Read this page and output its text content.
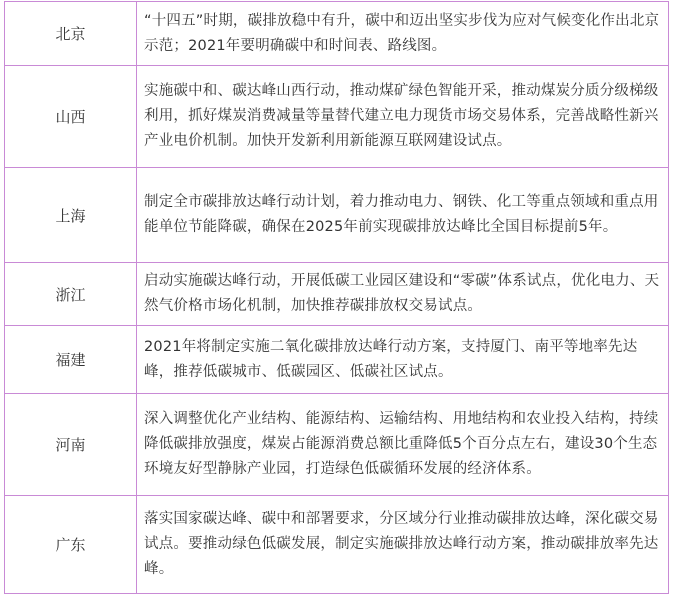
北京	“十四五”时期，碳排放稳中有升，碳中和迈出坚实步伐为应对气候变化作出北京示范；2021年要明确碳中和时间表、路线图。
山西	实施碳中和、碳达峰山西行动，推动煤矿绿色智能开采，推动煤炭分质分级梯级利用，抓好煤炭消费减量等量替代建立电力现货市场交易体系，完善战略性新兴产业电价机制。加快开发新利用新能源互联网建设试点。
上海	制定全市碳排放达峰行动计划，着力推动电力、钢铁、化工等重点领域和重点用能单位节能降碳，确保在2025年前实现碳排放达峰比全国目标提前5年。
浙江	启动实施碳达峰行动，开展低碳工业园区建设和“零碳”体系试点，优化电力、天然气价格市场化机制，加快推荐碳排放权交易试点。
福建	2021年将制定实施二氧化碳排放达峰行动方案，支持厦门、南平等地率先达峰，推荐低碳城市、低碳园区、低碳社区试点。
河南	深入调整优化产业结构、能源结构、运输结构、用地结构和农业投入结构，持续降低碳排放强度，煤炭占能源消费总额比重降低5个百分点左右，建设30个生态环境友好型静脉产业园，打造绿色低碳循环发展的经济体系。
广东	落实国家碳达峰、碳中和部署要求，分区域分行业推动碳排放达峰，深化碳交易试点。要推动绿色低碳发展，制定实施碳排放达峰行动方案，推动碳排放率先达峰。
